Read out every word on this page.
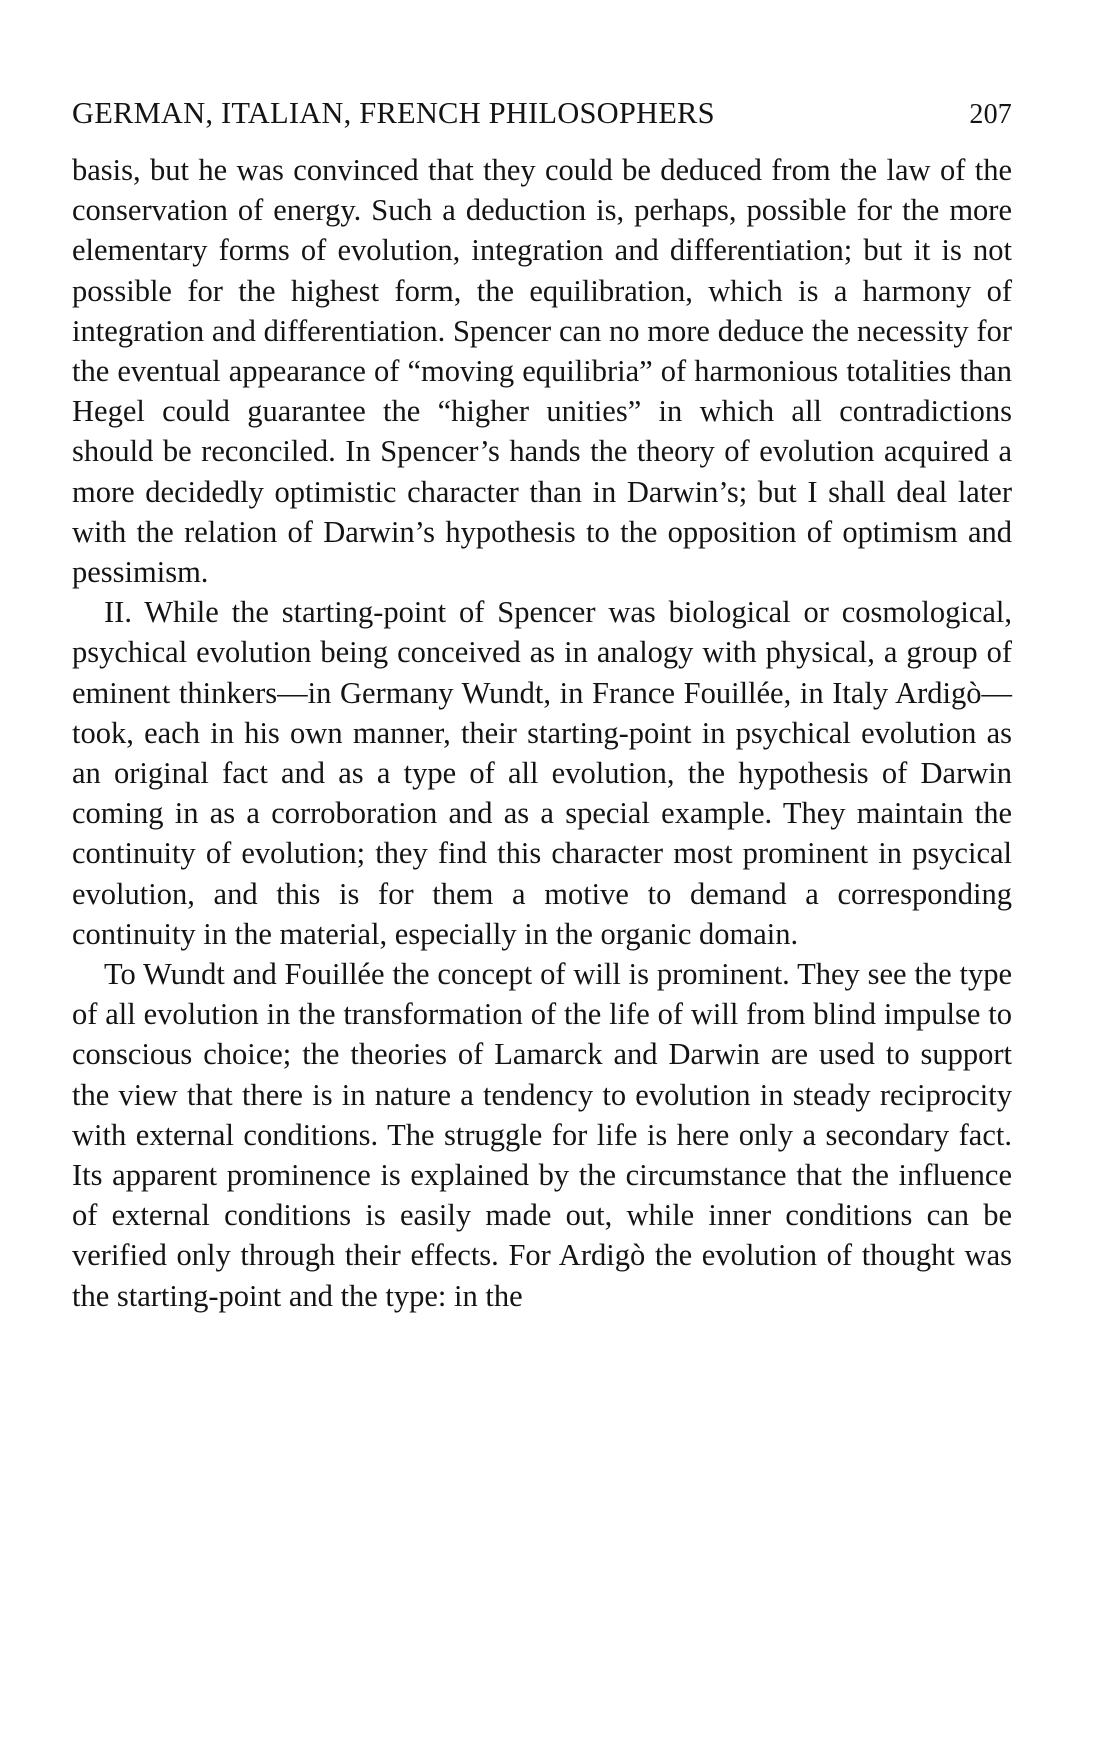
GERMAN, ITALIAN, FRENCH PHILOSOPHERS	207

basis, but he was convinced that they could be deduced from the law of the conservation of energy. Such a deduction is, perhaps, possible for the more elementary forms of evolution, integration and differentiation; but it is not possible for the highest form, the equilibration, which is a harmony of integration and differentiation. Spencer can no more deduce the necessity for the eventual appearance of “moving equilibria” of harmonious totalities than Hegel could guarantee the “higher unities” in which all contradictions should be reconciled. In Spencer’s hands the theory of evolution acquired a more decidedly optimistic character than in Darwin’s; but I shall deal later with the relation of Darwin’s hypothesis to the opposition of optimism and pessimism.

II. While the starting-point of Spencer was biological or cosmological, psychical evolution being conceived as in analogy with physical, a group of eminent thinkers—in Germany Wundt, in France Fouillée, in Italy Ardigò—took, each in his own manner, their starting-point in psychical evolution as an original fact and as a type of all evolution, the hypothesis of Darwin coming in as a corroboration and as a special example. They maintain the continuity of evolution; they find this character most prominent in psycical evolution, and this is for them a motive to demand a corresponding continuity in the material, especially in the organic domain.

To Wundt and Fouillée the concept of will is prominent. They see the type of all evolution in the transformation of the life of will from blind impulse to conscious choice; the theories of Lamarck and Darwin are used to support the view that there is in nature a tendency to evolution in steady reciprocity with external conditions. The struggle for life is here only a secondary fact. Its apparent prominence is explained by the circumstance that the influence of external conditions is easily made out, while inner conditions can be verified only through their effects. For Ardigò the evolution of thought was the starting-point and the type: in the
